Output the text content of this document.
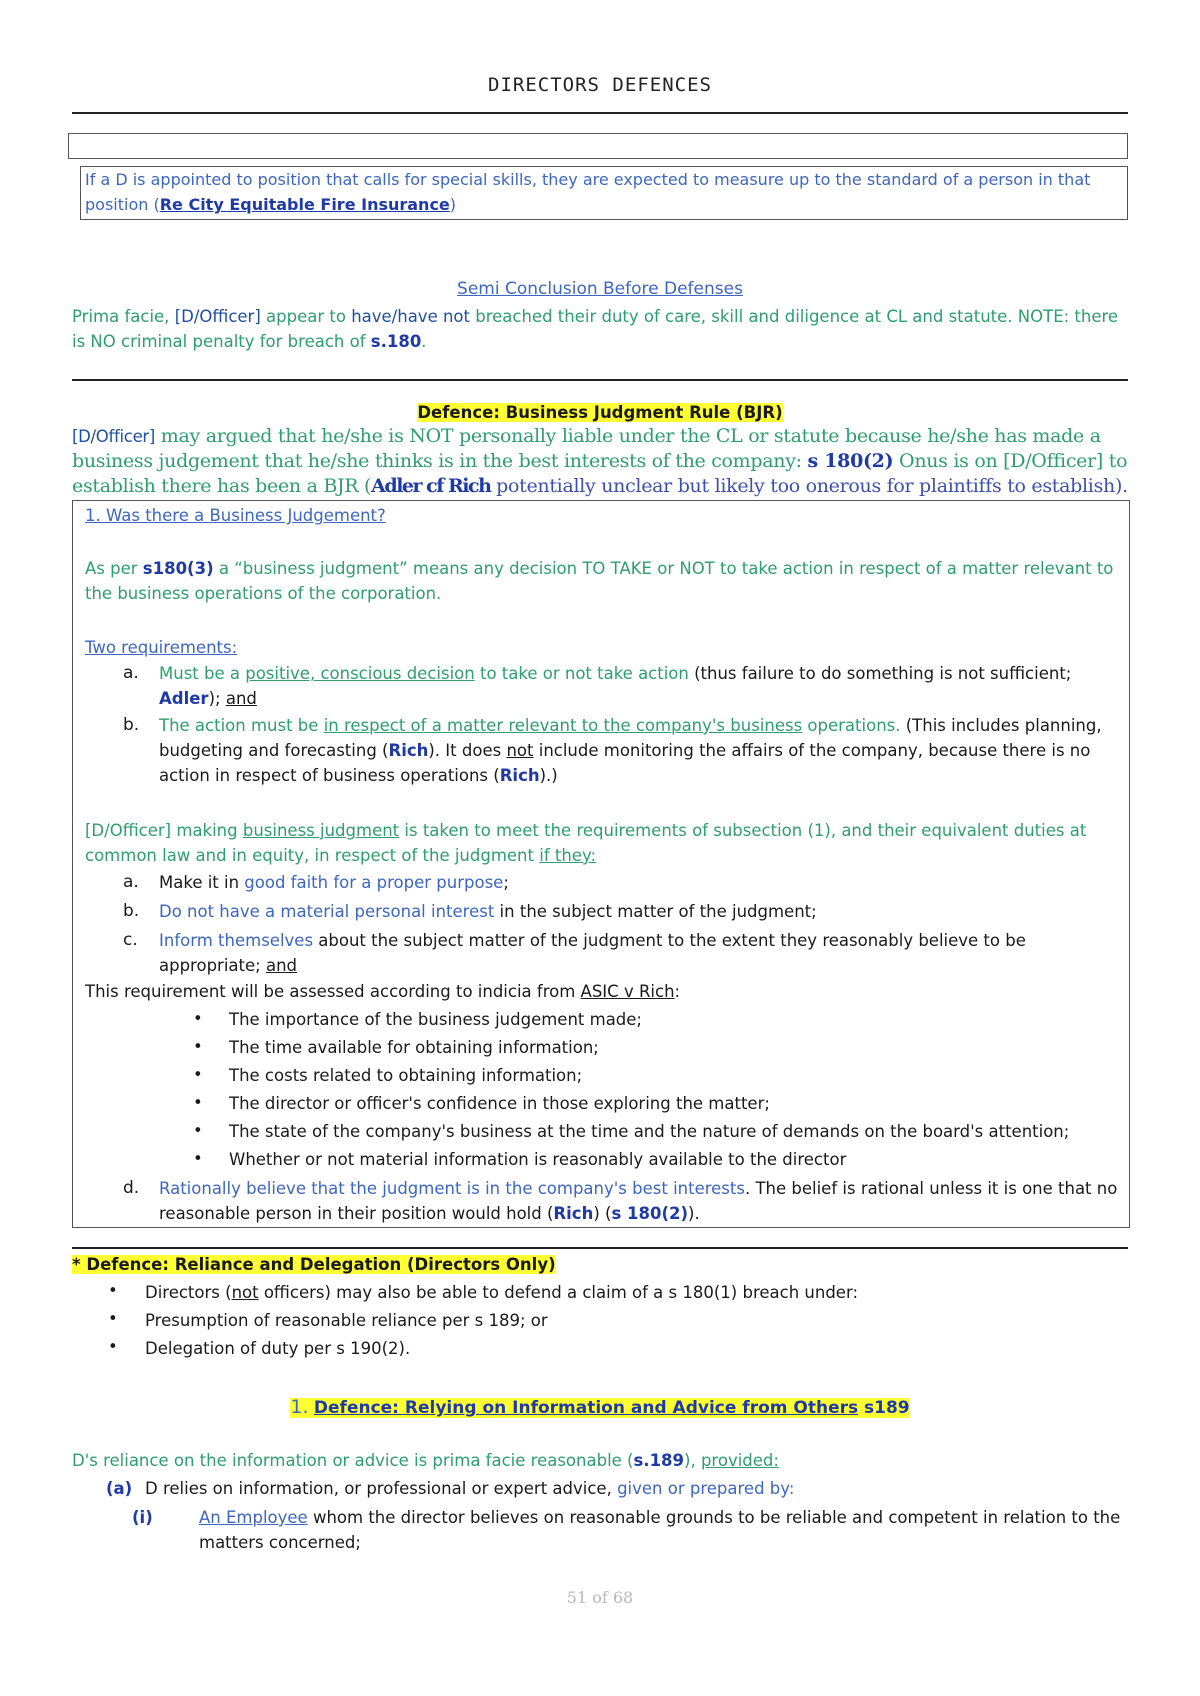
DIRECTORS DEFENCES
If a D is appointed to position that calls for special skills, they are expected to measure up to the standard of a person in that position (Re City Equitable Fire Insurance)
Semi Conclusion Before Defenses
Prima facie, [D/Officer] appear to have/have not breached their duty of care, skill and diligence at CL and statute. NOTE: there is NO criminal penalty for breach of s.180.
Defence: Business Judgment Rule (BJR)
[D/Officer] may argued that he/she is NOT personally liable under the CL or statute because he/she has made a business judgement that he/she thinks is in the best interests of the company: s 180(2) Onus is on [D/Officer] to establish there has been a BJR (Adler cf Rich potentially unclear but likely too onerous for plaintiffs to establish).
1. Was there a Business Judgement?
As per s180(3) a “business judgment” means any decision TO TAKE or NOT to take action in respect of a matter relevant to the business operations of the corporation.
Two requirements:
a. Must be a positive, conscious decision to take or not take action (thus failure to do something is not sufficient; Adler); and
b. The action must be in respect of a matter relevant to the company's business operations. (This includes planning, budgeting and forecasting (Rich). It does not include monitoring the affairs of the company, because there is no action in respect of business operations (Rich).)
[D/Officer] making business judgment is taken to meet the requirements of subsection (1), and their equivalent duties at common law and in equity, in respect of the judgment if they:
a. Make it in good faith for a proper purpose;
b. Do not have a material personal interest in the subject matter of the judgment;
c. Inform themselves about the subject matter of the judgment to the extent they reasonably believe to be appropriate; and
This requirement will be assessed according to indicia from ASIC v Rich:
• The importance of the business judgement made;
• The time available for obtaining information;
• The costs related to obtaining information;
• The director or officer's confidence in those exploring the matter;
• The state of the company's business at the time and the nature of demands on the board's attention;
• Whether or not material information is reasonably available to the director
d. Rationally believe that the judgment is in the company's best interests. The belief is rational unless it is one that no reasonable person in their position would hold (Rich) (s 180(2)).
* Defence: Reliance and Delegation (Directors Only)
• Directors (not officers) may also be able to defend a claim of a s 180(1) breach under:
• Presumption of reasonable reliance per s 189; or
• Delegation of duty per s 190(2).
1. Defence: Relying on Information and Advice from Others s189
D's reliance on the information or advice is prima facie reasonable (s.189), provided:
(a) D relies on information, or professional or expert advice, given or prepared by:
(i)	An Employee whom the director believes on reasonable grounds to be reliable and competent in relation to the matters concerned;
51 of 68
